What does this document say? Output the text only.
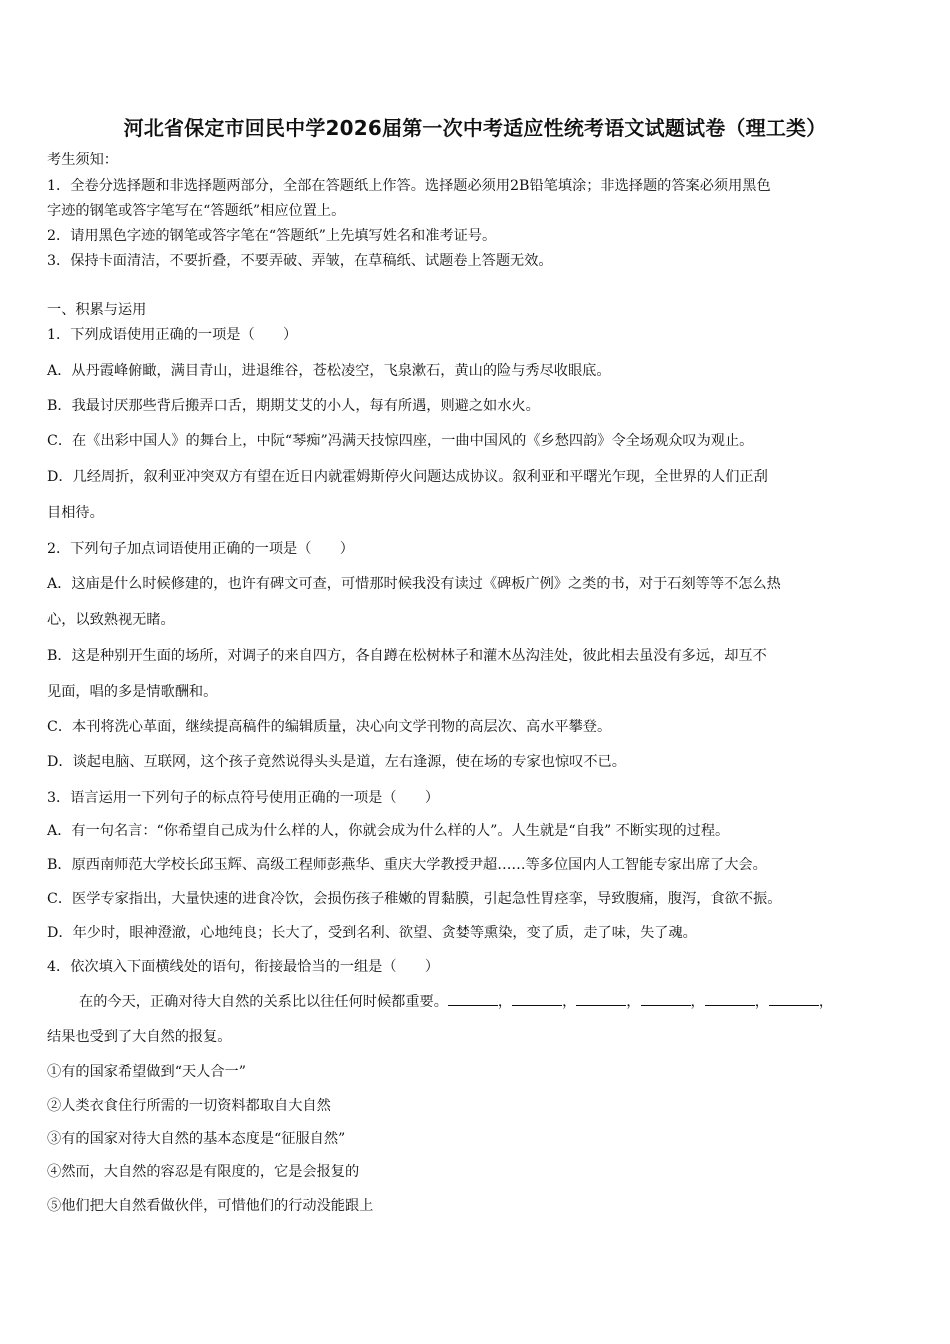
河北省保定市回民中学2026届第一次中考适应性统考语文试题试卷（理工类）
考生须知：
1．全卷分选择题和非选择题两部分，全部在答题纸上作答。选择题必须用2B铅笔填涂；非选择题的答案必须用黑色
字迹的钢笔或答字笔写在“答题纸”相应位置上。
2．请用黑色字迹的钢笔或答字笔在“答题纸”上先填写姓名和准考证号。
3．保持卡面清洁，不要折叠，不要弄破、弄皱，在草稿纸、试题卷上答题无效。
一、积累与运用
1．下列成语使用正确的一项是（　　）
A．从丹霞峰俯瞰，满目青山，进退维谷，苍松凌空，飞泉漱石，黄山的险与秀尽收眼底。
B．我最讨厌那些背后搬弄口舌，期期艾艾的小人，每有所遇，则避之如水火。
C．在《出彩中国人》的舞台上，中阮“琴痴”冯满天技惊四座，一曲中国风的《乡愁四韵》令全场观众叹为观止。
D．几经周折，叙利亚冲突双方有望在近日内就霍姆斯停火问题达成协议。叙利亚和平曙光乍现，全世界的人们正刮
目相待。
2．下列句子加点词语使用正确的一项是（　　）
A．这庙是什么时候修建的，也许有碑文可查，可惜那时候我没有读过《碑板广例》之类的书，对于石刻等等不怎么热
心，以致熟视无睹。
B．这是种别开生面的场所，对调子的来自四方，各自蹲在松树林子和灌木丛沟洼处，彼此相去虽没有多远，却互不
见面，唱的多是情歌酬和。
C．本刊将洗心革面，继续提高稿件的编辑质量，决心向文学刊物的高层次、高水平攀登。
D．谈起电脑、互联网，这个孩子竟然说得头头是道，左右逢源，使在场的专家也惊叹不已。
3．语言运用一下列句子的标点符号使用正确的一项是（　　）
A．有一句名言：“你希望自己成为什么样的人，你就会成为什么样的人”。人生就是“自我” 不断实现的过程。
B．原西南师范大学校长邱玉辉、高级工程师彭燕华、重庆大学教授尹超……等多位国内人工智能专家出席了大会。
C．医学专家指出，大量快速的进食冷饮，会损伤孩子稚嫩的胃黏膜，引起急性胃痉挛，导致腹痛，腹泻，食欲不振。
D．年少时，眼神澄澈，心地纯良；长大了，受到名利、欲望、贪婪等熏染，变了质，走了味，失了魂。
4．依次填入下面横线处的语句，衔接最恰当的一组是（　　）
在的今天，正确对待大自然的关系比以往任何时候都重要。	，	，	，	，	，	，
结果也受到了大自然的报复。
①有的国家希望做到“天人合一”
②人类衣食住行所需的一切资料都取自大自然
③有的国家对待大自然的基本态度是“征服自然”
④然而，大自然的容忍是有限度的，它是会报复的
⑤他们把大自然看做伙伴，可惜他们的行动没能跟上
